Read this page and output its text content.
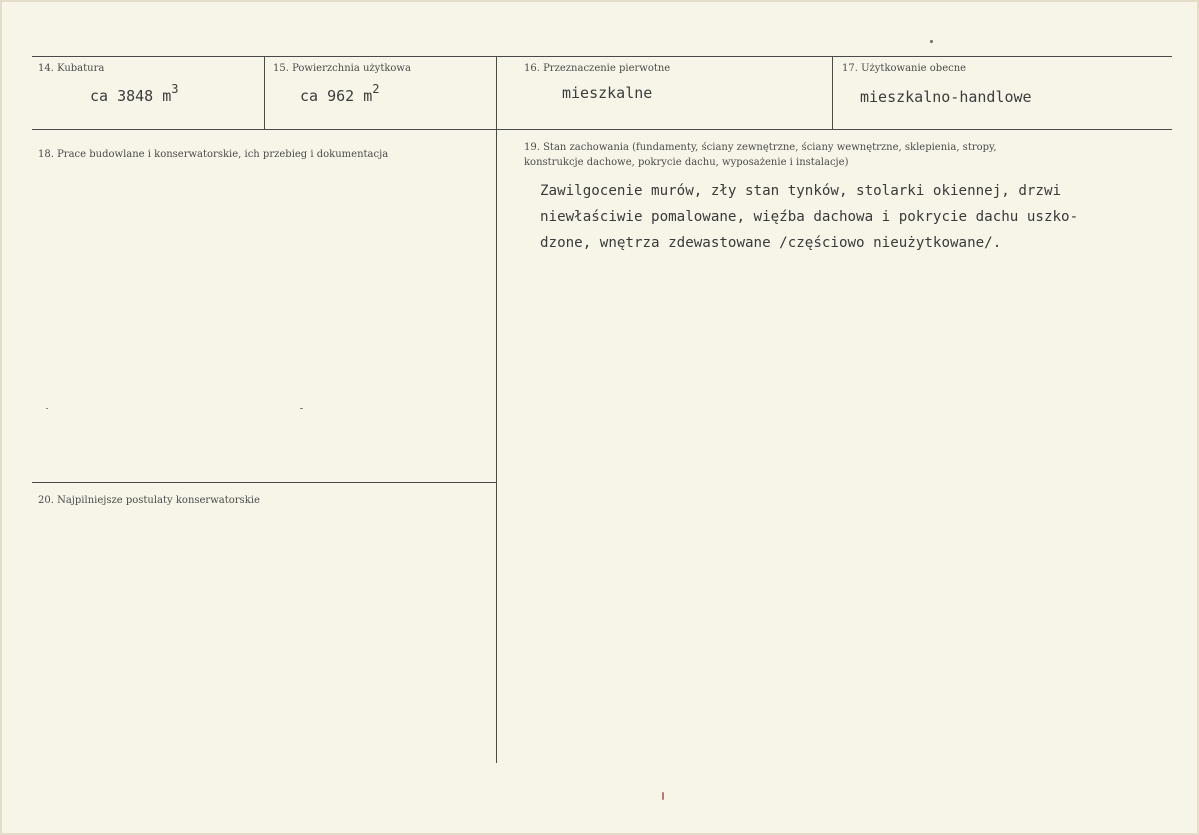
14. Kubatura
ca 3848 $m^3$
15. Powierzchnia użytkowa
ca 962 $m^2$
16. Przeznaczenie pierwotne
mieszkalne
17. Użytkowanie obecne
mieszkalno-handlowe
18. Prace budowlane i konserwatorskie, ich przebieg i dokumentacja
19. Stan zachowania (fundamenty, ściany zewnętrzne, ściany wewnętrzne, sklepienia, stropy,
konstrukcje dachowe, pokrycie dachu, wyposażenie i instalacje)
Zawilgocenie murów, zły stan tynków, stolarki okiennej, drzwi
niewłaściwie pomalowane, więźba dachowa i pokrycie dachu uszko-
dzone, wnętrza zdewastowane /częściowo nieużytkowane/.
20. Najpilniejsze postulaty konserwatorskie
